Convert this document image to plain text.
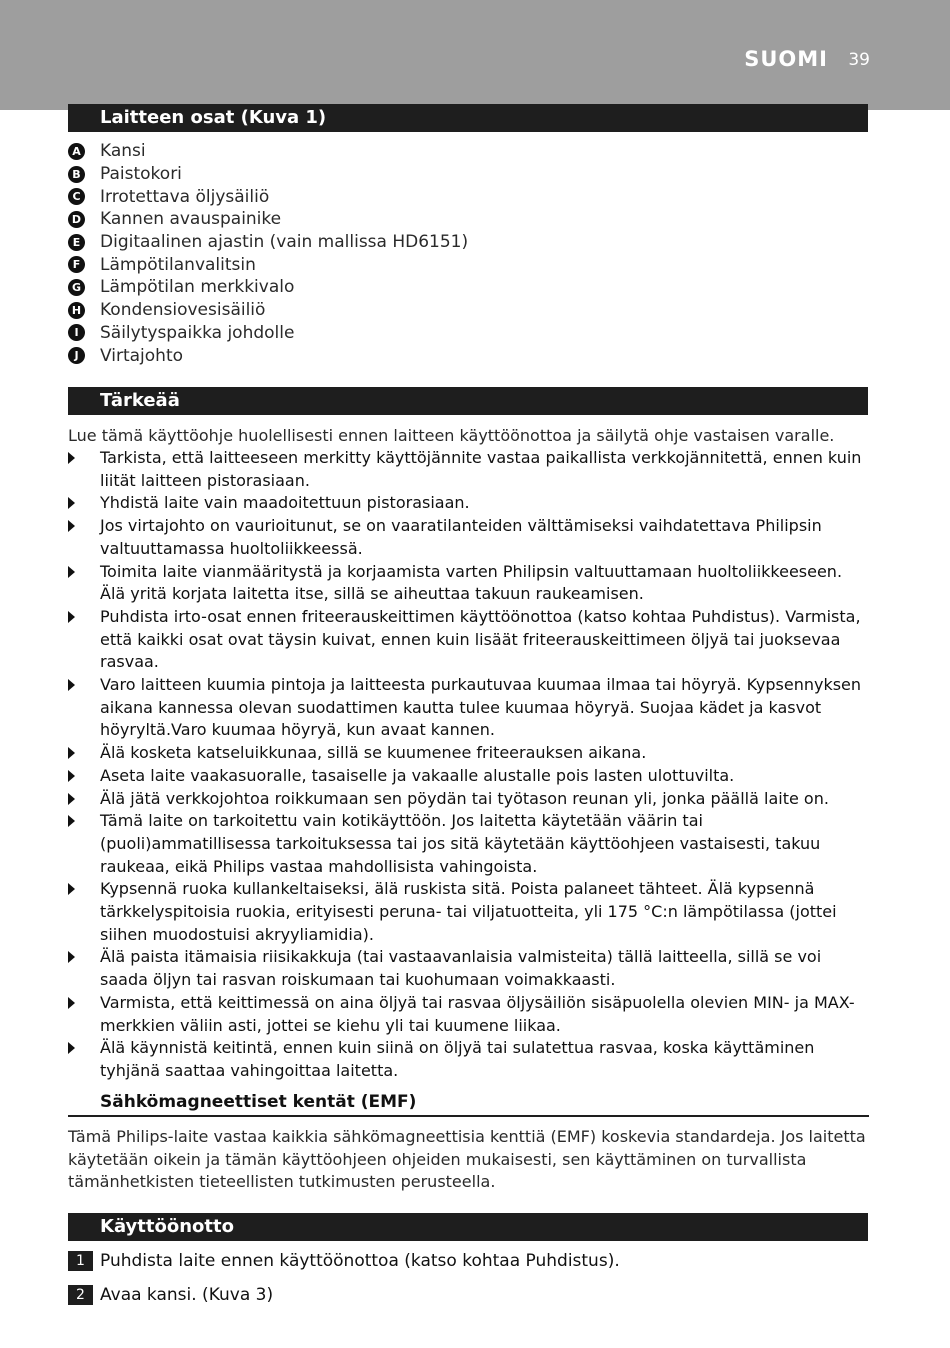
SUOMI 39
Laitteen osat (Kuva 1)
A Kansi
B Paistokori
C Irrotettava öljysäiliö
D Kannen avauspainike
E Digitaalinen ajastin (vain mallissa HD6151)
F Lämpötilanvalitsin
G Lämpötilan merkkivalo
H Kondensiovesisäiliö
I	Säilytyspaikka johdolle
J	Virtajohto
Tärkeää

Lue tämä käyttöohje huolellisesti ennen laitteen käyttöönottoa ja säilytä ohje vastaisen varalle.

Tarkista, että laitteeseen merkitty käyttöjännite vastaa paikallista verkkojännitettä, ennen kuin liität laitteen pistorasiaan.
Yhdistä laite vain maadoitettuun pistorasiaan.
Jos virtajohto on vaurioitunut, se on vaaratilanteiden välttämiseksi vaihdatettava Philipsin valtuuttamassa huoltoliikkeessä.
Toimita laite vianmääritystä ja korjaamista varten Philipsin valtuuttamaan huoltoliikkeeseen. Älä yritä korjata laitetta itse, sillä se aiheuttaa takuun raukeamisen.
Puhdista irto-osat ennen friteerauskeittimen käyttöönottoa (katso kohtaa Puhdistus). Varmista, että kaikki osat ovat täysin kuivat, ennen kuin lisäät friteerauskeittimeen öljyä tai juoksevaa rasvaa.
Varo laitteen kuumia pintoja ja laitteesta purkautuvaa kuumaa ilmaa tai höyryä. Kypsennyksen aikana kannessa olevan suodattimen kautta tulee kuumaa höyryä. Suojaa kädet ja kasvot höyryltä.Varo kuumaa höyryä, kun avaat kannen.
Älä kosketa katseluikkunaa, sillä se kuumenee friteerauksen aikana.
Aseta laite vaakasuoralle, tasaiselle ja vakaalle alustalle pois lasten ulottuvilta.
Älä jätä verkkojohtoa roikkumaan sen pöydän tai työtason reunan yli, jonka päällä laite on.
Tämä laite on tarkoitettu vain kotikäyttöön. Jos laitetta käytetään väärin tai (puoli)ammatillisessa tarkoituksessa tai jos sitä käytetään käyttöohjeen vastaisesti, takuu raukeaa, eikä Philips vastaa mahdollisista vahingoista.
Kypsennä ruoka kullankeltaiseksi, älä ruskista sitä. Poista palaneet tähteet. Älä kypsennä tärkkelyspitoisia ruokia, erityisesti peruna- tai viljatuotteita, yli 175 °C:n lämpötilassa (jottei siihen muodostuisi akryyliamidia).
Älä paista itämaisia riisikakkuja (tai vastaavanlaisia valmisteita) tällä laitteella, sillä se voi saada öljyn tai rasvan roiskumaan tai kuohumaan voimakkaasti.
Varmista, että keittimessä on aina öljyä tai rasvaa öljysäiliön sisäpuolella olevien MIN- ja MAX-merkkien väliin asti, jottei se kiehu yli tai kuumene liikaa.
Älä käynnistä keitintä, ennen kuin siinä on öljyä tai sulatettua rasvaa, koska käyttäminen tyhjänä saattaa vahingoittaa laitetta.
Sähkömagneettiset kentät (EMF)

Tämä Philips-laite vastaa kaikkia sähkömagneettisia kenttiä (EMF) koskevia standardeja. Jos laitetta käytetään oikein ja tämän käyttöohjeen ohjeiden mukaisesti, sen käyttäminen on turvallista tämänhetkisten tieteellisten tutkimusten perusteella.

Käyttöönotto
1 Puhdista laite ennen käyttöönottoa (katso kohtaa Puhdistus).
2 Avaa kansi. (Kuva 3)
